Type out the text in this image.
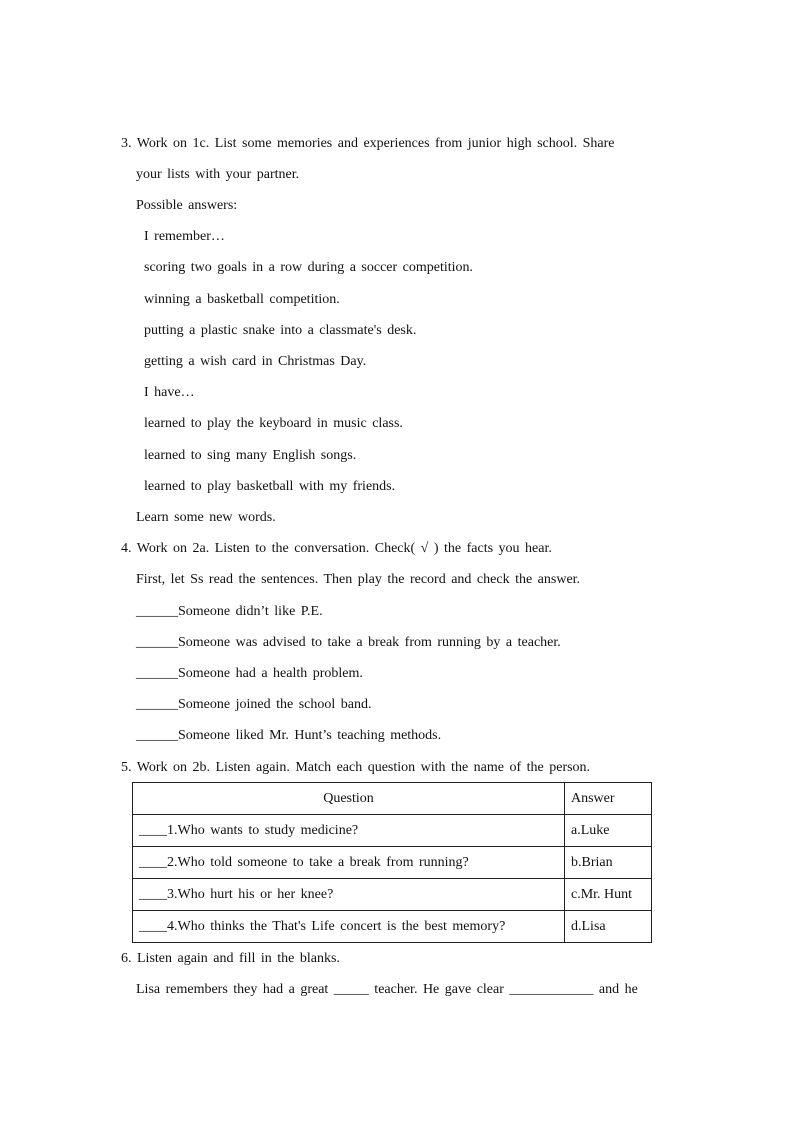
3. Work on 1c. List some memories and experiences from junior high school. Share
your lists with your partner.
Possible answers:
I remember…
scoring two goals in a row during a soccer competition.
winning a basketball competition.
putting a plastic snake into a classmate's desk.
getting a wish card in Christmas Day.
I have…
learned to play the keyboard in music class.
learned to sing many English songs.
learned to play basketball with my friends.
Learn some new words.
4. Work on 2a. Listen to the conversation. Check( √ ) the facts you hear.
First, let Ss read the sentences. Then play the record and check the answer.
______Someone didn’t like P.E.
______Someone was advised to take a break from running by a teacher.
______Someone had a health problem.
______Someone joined the school band.
______Someone liked Mr. Hunt’s teaching methods.
5. Work on 2b. Listen again. Match each question with the name of the person.
Question	Answer
____1.Who wants to study medicine?	a.Luke
____2.Who told someone to take a break from running?	b.Brian
____3.Who hurt his or her knee?	c.Mr. Hunt
____4.Who thinks the That's Life concert is the best memory?	d.Lisa
6. Listen again and fill in the blanks.
Lisa remembers they had a great _____ teacher. He gave clear ____________ and he
